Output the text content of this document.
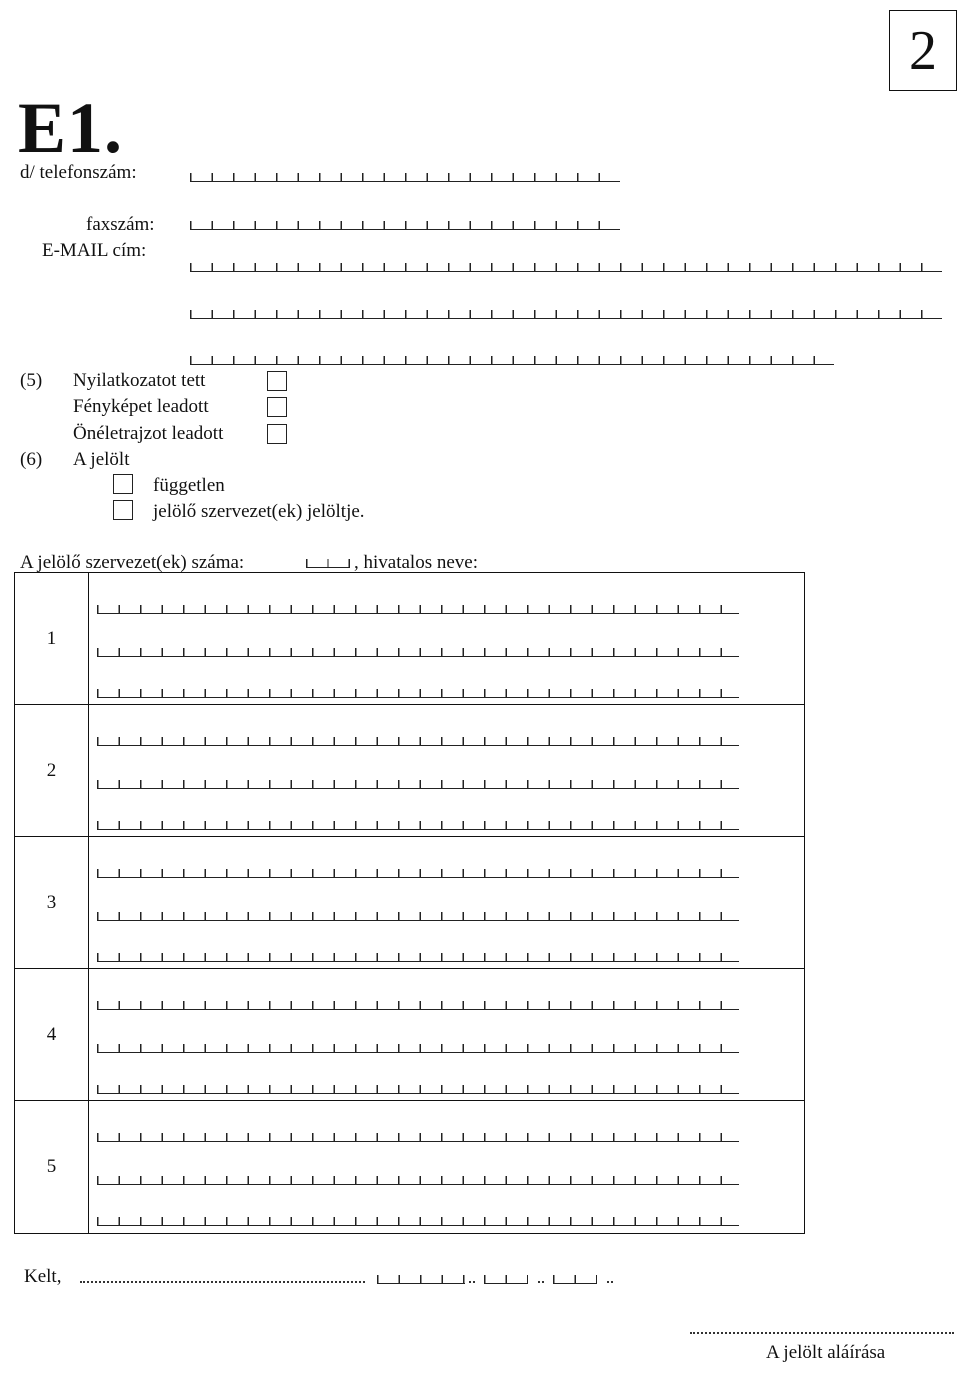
2
E1.
d/ telefonszám:
faxszám:
E-MAIL cím:
(5) Nyilatkozatot tett
Fényképet leadott
Önéletrajzot leadott
(6) A jelölt
független
jelölő szervezet(ek) jelöltje.
A jelölő szervezet(ek) száma:	, hivatalos neve:
1
2
3
4
5
Kelt,
A jelölt aláírása
